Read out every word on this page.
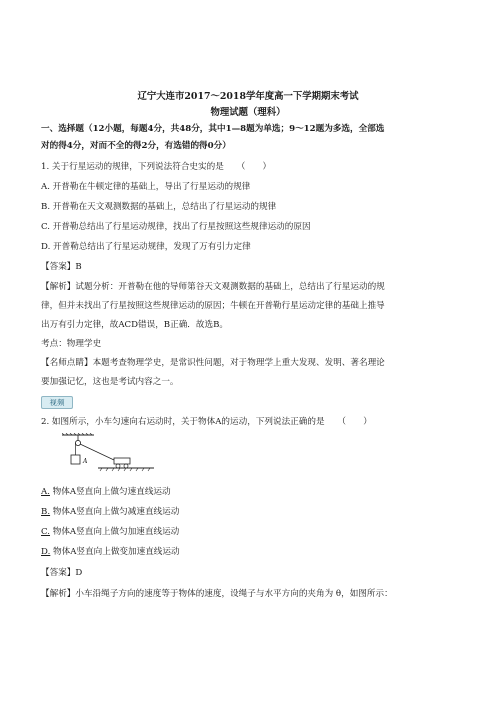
辽宁大连市2017～2018学年度高一下学期期末考试
物理试题（理科）
一、选择题（12小题，每题4分，共48分，其中1—8题为单选；9～12题为多选，全部选
对的得4分，对而不全的得2分，有选错的得0分）
1. 关于行星运动的规律，下列说法符合史实的是　　（　　）
A. 开普勒在牛顿定律的基础上，导出了行星运动的规律
B. 开普勒在天文观测数据的基础上，总结出了行星运动的规律
C. 开普勒总结出了行星运动规律，找出了行星按照这些规律运动的原因
D. 开普勒总结出了行星运动规律，发现了万有引力定律
【答案】B
【解析】试题分析：开普勒在他的导师第谷天文观测数据的基础上，总结出了行星运动的规
律，但并未找出了行星按照这些规律运动的原因；牛顿在开普勒行星运动定律的基础上推导
出万有引力定律，故ACD错误，B正确．故选B。
考点：物理学史
【名师点睛】本题考查物理学史，是常识性问题，对于物理学上重大发现、发明、著名理论
要加强记忆，这也是考试内容之一。
视频
2. 如图所示，小车匀速向右运动时，关于物体A的运动，下列说法正确的是　　（　　）
A
A. 物体A竖直向上做匀速直线运动
B. 物体A竖直向上做匀减速直线运动
C. 物体A竖直向上做匀加速直线运动
D. 物体A竖直向上做变加速直线运动
【答案】D
【解析】小车沿绳子方向的速度等于物体的速度，设绳子与水平方向的夹角为 θ，如图所示：
